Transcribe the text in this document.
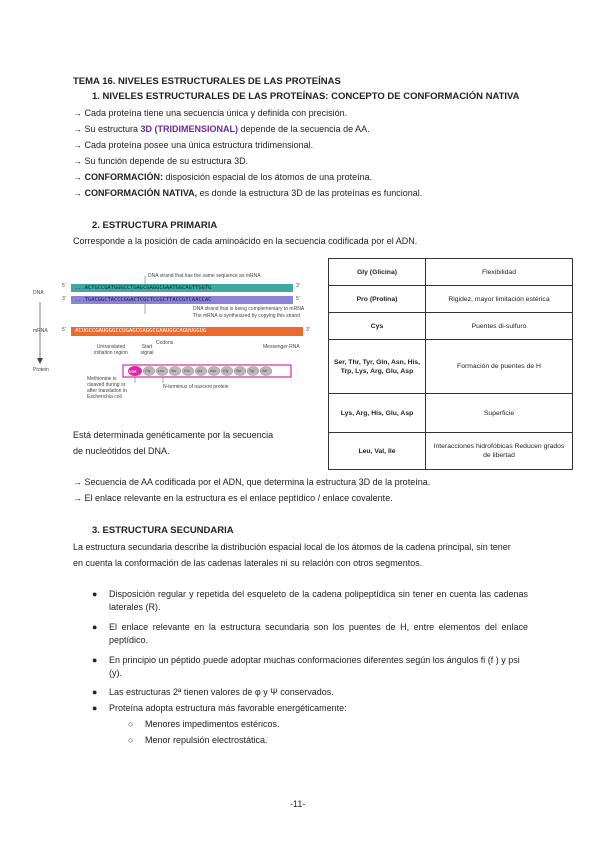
TEMA 16. NIVELES ESTRUCTURALES DE LAS PROTEÍNAS
1. NIVELES ESTRUCTURALES DE LAS PROTEÍNAS: CONCEPTO DE CONFORMACIÓN NATIVA
→ Cada proteína tiene una secuencia única y definida con precisión.
→ Su estructura 3D (TRIDIMENSIONAL) depende de la secuencia de AA.
→ Cada proteína posee una única estructura tridimensional.
→ Su función depende de su estructura 3D.
→ CONFORMACIÓN: disposición espacial de los átomos de una proteína.
→ CONFORMACIÓN NATIVA, es donde la estructura 3D de las proteínas es funcional.
2. ESTRUCTURA PRIMARIA
Corresponde a la posición de cada aminoácido en la secuencia codificada por el ADN.
DNA
mRNA
Protein
5'	3'
3'	5'
5'	3'
...ACTGCCGATGGGCCTGAGCGAGGCGAATGGCAGTTGGTG
...TGACGGCTACCCGGACTCGCTCCGCTTACCGTCAACCAC
ACUGCCGAUGGGCCUGAGCGAGGCGAAUGGCAGUUGGUG
DNA strand that has the same sequence as mRNA
DNA strand that is being complementary to mRNA
The mRNA is synthesized by copying this strand
Untranslated initiation region
Start signal
Codons
Messenger RNA
Met Gly Leu Ser Glu Ala Asn Gly Ser Trp Val
Methionine is cleaved during or after translation in Escherichia coli
N-terminus of nascent protein
Está determinada genéticamente por la secuencia
de nucleótidos del DNA.
Gly (Glicina)	Flexibilidad
Pro (Prolina)	Rigidez, mayor limitación estérica
Cys	Puentes di-sulfuro
Ser, Thr, Tyr, Gln, Asn, His, Trp, Lys, Arg, Glu, Asp	Formación de puentes de H
Lys, Arg, His, Glu, Asp	Superficie
Leu, Val, Ile	Interacciones hidrofóbicas Reducen grados de libertad
→ Secuencia de AA codificada por el ADN, que determina la estructura 3D de la proteína.
→ El enlace relevante en la estructura es el enlace peptídico / enlace covalente.
3. ESTRUCTURA SECUNDARIA
La estructura secundaria describe la distribución espacial local de los átomos de la cadena principal, sin tener
en cuenta la conformación de las cadenas laterales ni su relación con otros segmentos.
● Disposición regular y repetida del esqueleto de la cadena polipeptídica sin tener en cuenta las cadenas laterales (R).
● El enlace relevante en la estructura secundaria son los puentes de H, entre elementos del enlace peptídico.
● En principio un péptido puede adoptar muchas conformaciones diferentes según los ángulos fi (f ) y psi (y).
● Las estructuras 2ª tienen valores de φ y Ψ conservados.
● Proteína adopta estructura más favorable energéticamente:
○ Menores impedimentos estéricos.
○ Menor repulsión electrostática.
-11-
